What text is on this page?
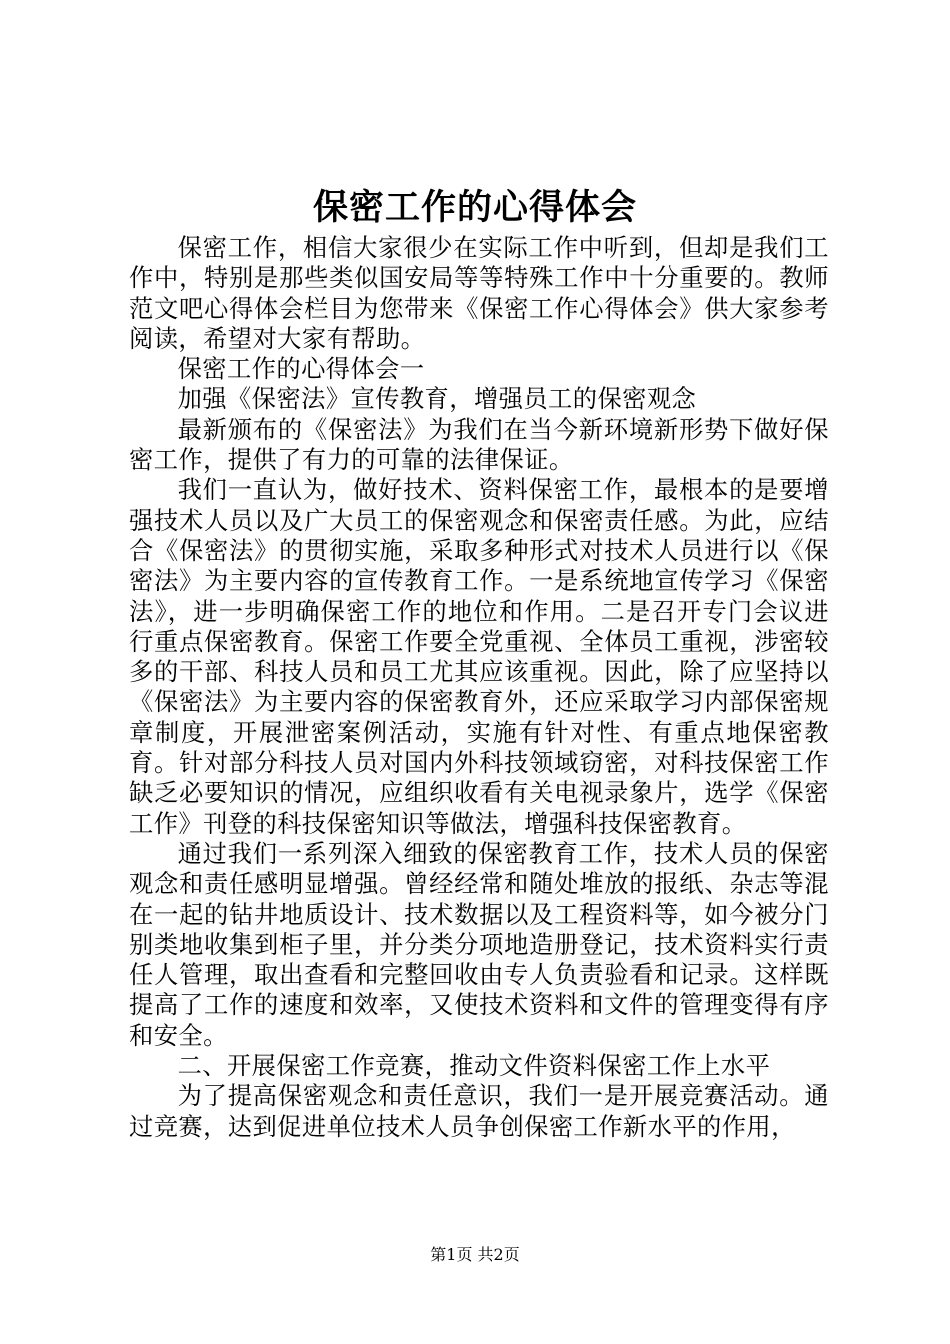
保密工作的心得体会

保密工作，相信大家很少在实际工作中听到，但却是我们工作中，特别是那些类似国安局等等特殊工作中十分重要的。教师范文吧心得体会栏目为您带来《保密工作心得体会》供大家参考阅读，希望对大家有帮助。

保密工作的心得体会一

加强《保密法》宣传教育，增强员工的保密观念

最新颁布的《保密法》为我们在当今新环境新形势下做好保密工作，提供了有力的可靠的法律保证。

我们一直认为，做好技术、资料保密工作，最根本的是要增强技术人员以及广大员工的保密观念和保密责任感。为此，应结合《保密法》的贯彻实施，采取多种形式对技术人员进行以《保密法》为主要内容的宣传教育工作。一是系统地宣传学习《保密法》，进一步明确保密工作的地位和作用。二是召开专门会议进行重点保密教育。保密工作要全党重视、全体员工重视，涉密较多的干部、科技人员和员工尤其应该重视。因此，除了应坚持以《保密法》为主要内容的保密教育外，还应采取学习内部保密规章制度，开展泄密案例活动，实施有针对性、有重点地保密教育。针对部分科技人员对国内外科技领域窃密，对科技保密工作缺乏必要知识的情况，应组织收看有关电视录象片，选学《保密工作》刊登的科技保密知识等做法，增强科技保密教育。

通过我们一系列深入细致的保密教育工作，技术人员的保密观念和责任感明显增强。曾经经常和随处堆放的报纸、杂志等混在一起的钻井地质设计、技术数据以及工程资料等，如今被分门别类地收集到柜子里，并分类分项地造册登记，技术资料实行责任人管理，取出查看和完整回收由专人负责验看和记录。这样既提高了工作的速度和效率，又使技术资料和文件的管理变得有序和安全。

二、开展保密工作竞赛，推动文件资料保密工作上水平

为了提高保密观念和责任意识，我们一是开展竞赛活动。通过竞赛，达到促进单位技术人员争创保密工作新水平的作用，

第1页 共2页
